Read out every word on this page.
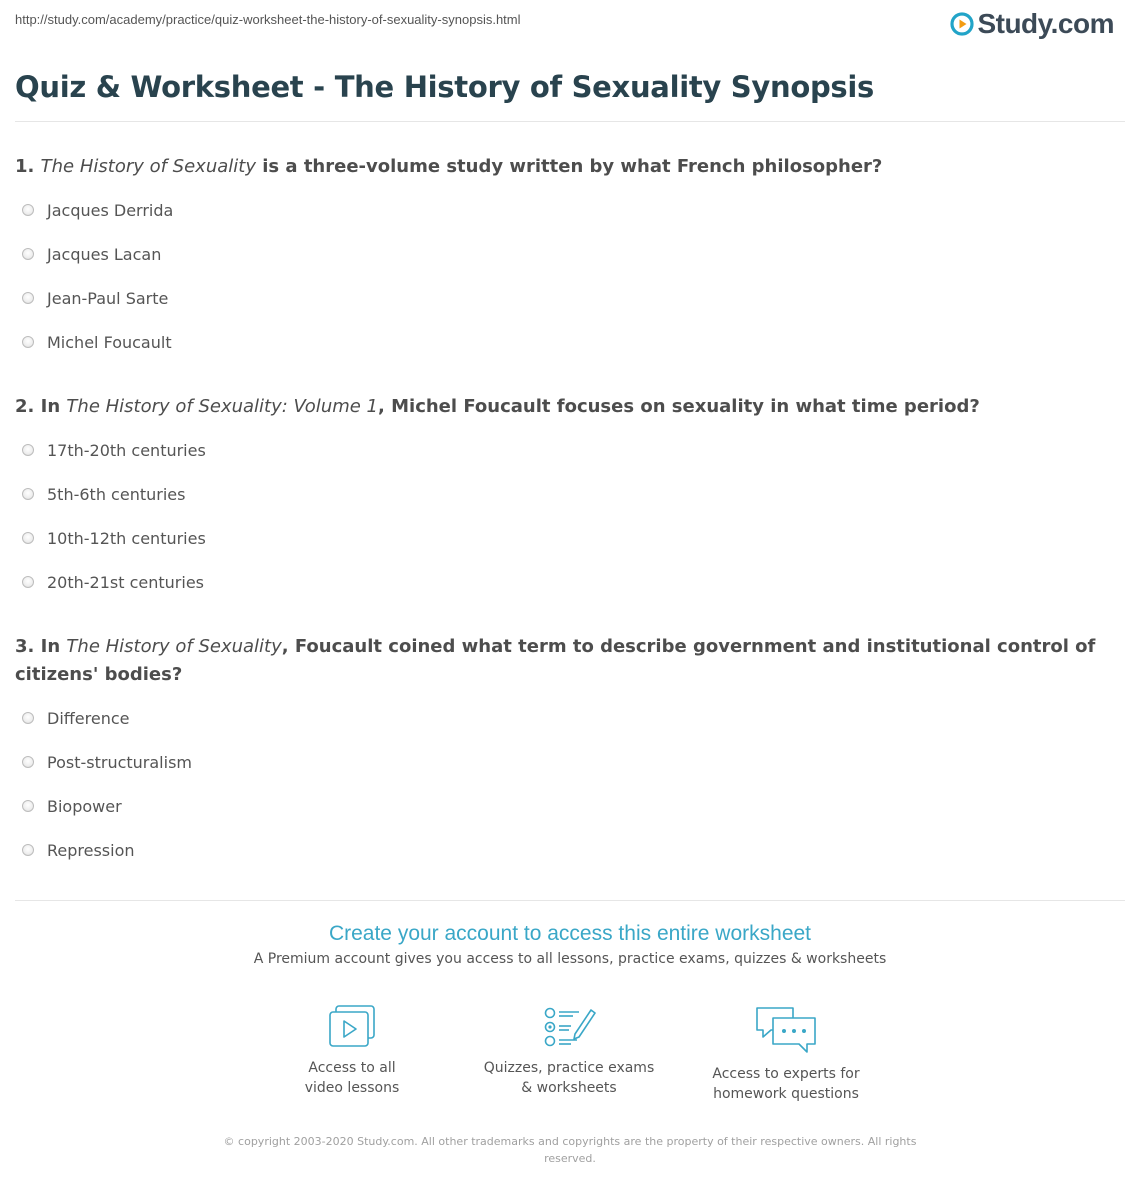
http://study.com/academy/practice/quiz-worksheet-the-history-of-sexuality-synopsis.html	Study.com
Quiz & Worksheet - The History of Sexuality Synopsis
1. The History of Sexuality is a three-volume study written by what French philosopher?
Jacques Derrida
Jacques Lacan
Jean-Paul Sarte
Michel Foucault
2. In The History of Sexuality: Volume 1, Michel Foucault focuses on sexuality in what time period?
17th-20th centuries
5th-6th centuries
10th-12th centuries
20th-21st centuries
3. In The History of Sexuality, Foucault coined what term to describe government and institutional control of citizens' bodies?
Difference
Post-structuralism
Biopower
Repression
Create your account to access this entire worksheet
A Premium account gives you access to all lessons, practice exams, quizzes & worksheets
Access to all
video lessons
Quizzes, practice exams
& worksheets
Access to experts for
homework questions
© copyright 2003-2020 Study.com. All other trademarks and copyrights are the property of their respective owners. All rights
reserved.
